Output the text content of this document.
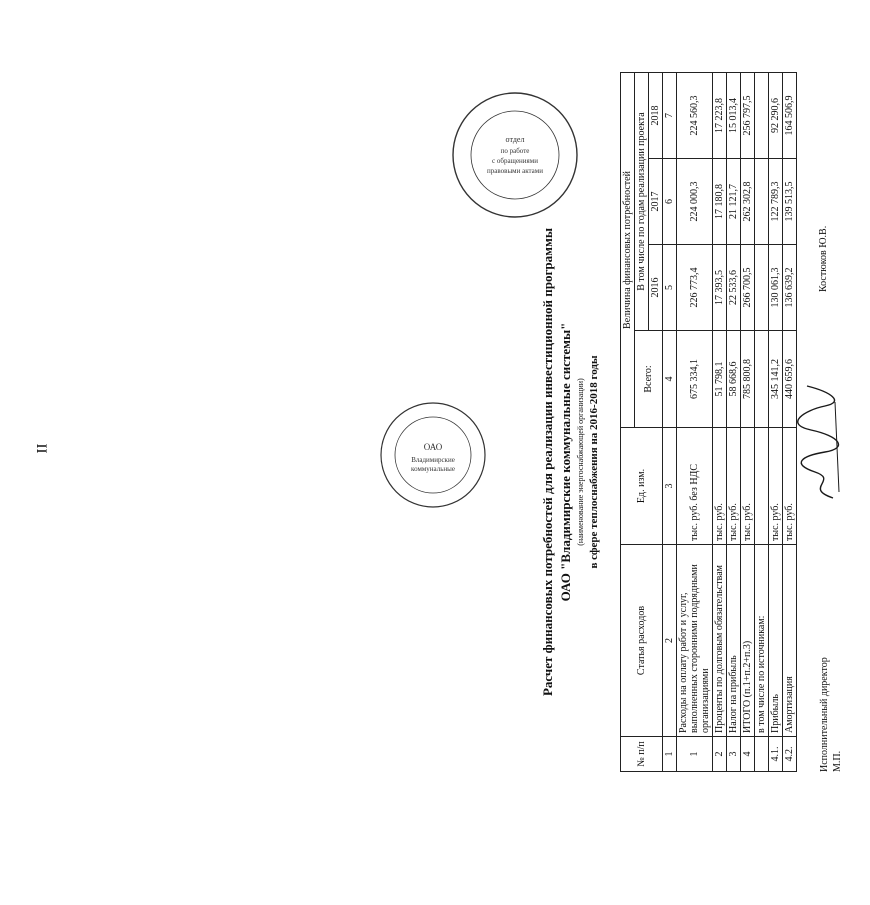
II	Расчет финансовых потребностей для реализации инвестиционной программы ОАО "Владимирские коммунальные системы" (наименование энергоснабжающей организации) в сфере теплоснабжения на 2016-2018 годы
№ п/п	Статья расходов	Ед. изм.	Величина финансовых потребностей			
			Всего:	В том числе по годам реализации проекта		
				2016	2017	2018
1	2	3	4	5	6	7
1	Расходы на оплату работ и услуг, выполненных сторонними подрядными организациями	тыс. руб. без НДС	675 334,1	226 773,4	224 000,3	224 560,3
2	Проценты по долговым обязательствам	тыс. руб.	51 798,1	17 393,5	17 180,8	17 223,8
3	Налог на прибыль	тыс. руб.	58 668,6	22 533,6	21 121,7	15 013,4
4	ИТОГО (п.1+п.2+п.3)	тыс. руб.	785 800,8	266 700,5	262 302,8	256 797,5
	в том числе по источникам:					
4.1.	Прибыль	тыс. руб.	345 141,2	130 061,3	122 789,3	92 290,6
4.2.	Амортизация	тыс. руб.	440 659,6	136 639,2	139 513,5	164 506,9
Исполнительный директор М.П.
Костюков Ю.В.
ОАО
Владимирские
коммунальные
отдел
по работе
с обращениями
правовыми актами
